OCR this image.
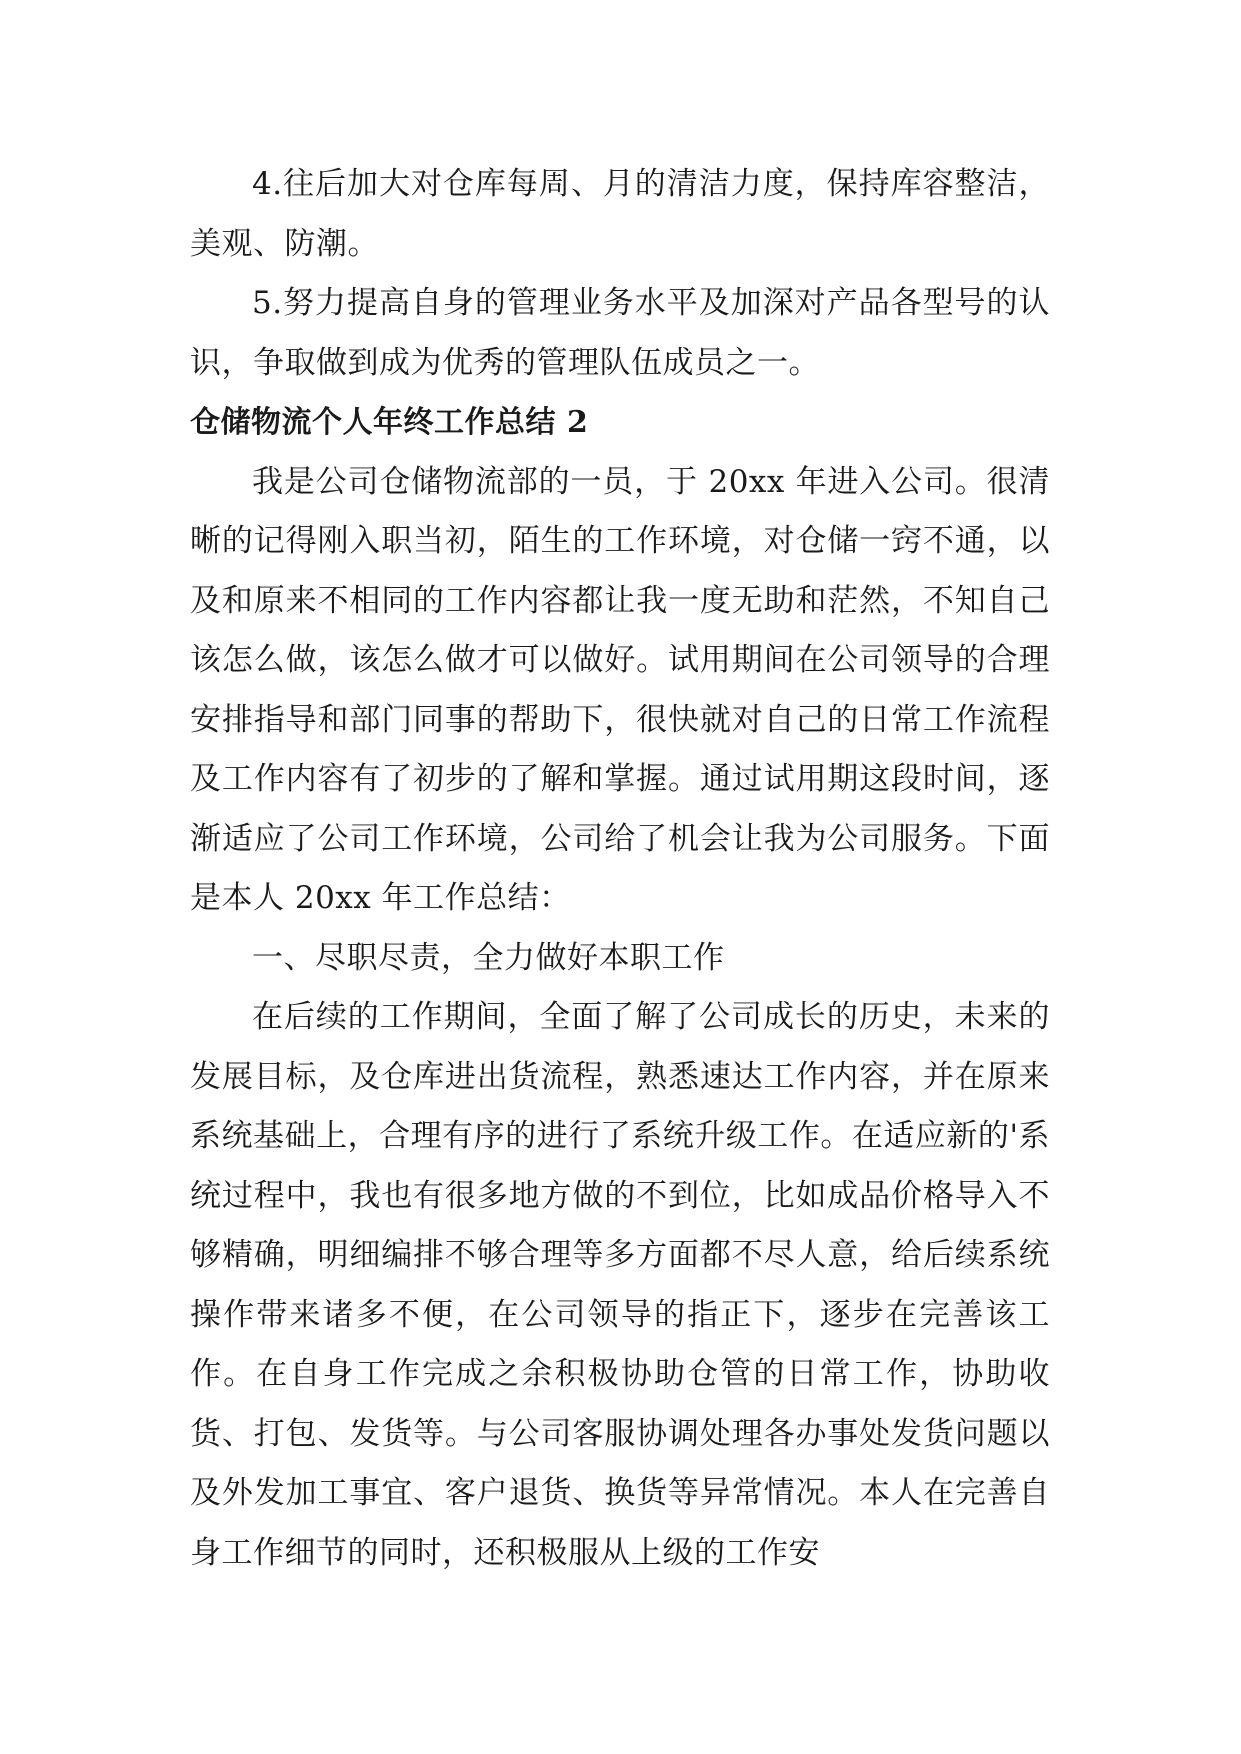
4.往后加大对仓库每周、月的清洁力度，保持库容整洁，美观、防潮。

5.努力提高自身的管理业务水平及加深对产品各型号的认识，争取做到成为优秀的管理队伍成员之一。

仓储物流个人年终工作总结 2

我是公司仓储物流部的一员，于 20xx 年进入公司。很清晰的记得刚入职当初，陌生的工作环境，对仓储一窍不通，以及和原来不相同的工作内容都让我一度无助和茫然，不知自己该怎么做，该怎么做才可以做好。试用期间在公司领导的合理安排指导和部门同事的帮助下，很快就对自己的日常工作流程及工作内容有了初步的了解和掌握。通过试用期这段时间，逐渐适应了公司工作环境，公司给了机会让我为公司服务。下面是本人 20xx 年工作总结：

一、尽职尽责，全力做好本职工作

在后续的工作期间，全面了解了公司成长的历史，未来的发展目标，及仓库进出货流程，熟悉速达工作内容，并在原来系统基础上，合理有序的进行了系统升级工作。在适应新的'系统过程中，我也有很多地方做的不到位，比如成品价格导入不够精确，明细编排不够合理等多方面都不尽人意，给后续系统操作带来诸多不便，在公司领导的指正下，逐步在完善该工作。在自身工作完成之余积极协助仓管的日常工作，协助收货、打包、发货等。与公司客服协调处理各办事处发货问题以及外发加工事宜、客户退货、换货等异常情况。本人在完善自身工作细节的同时，还积极服从上级的工作安
